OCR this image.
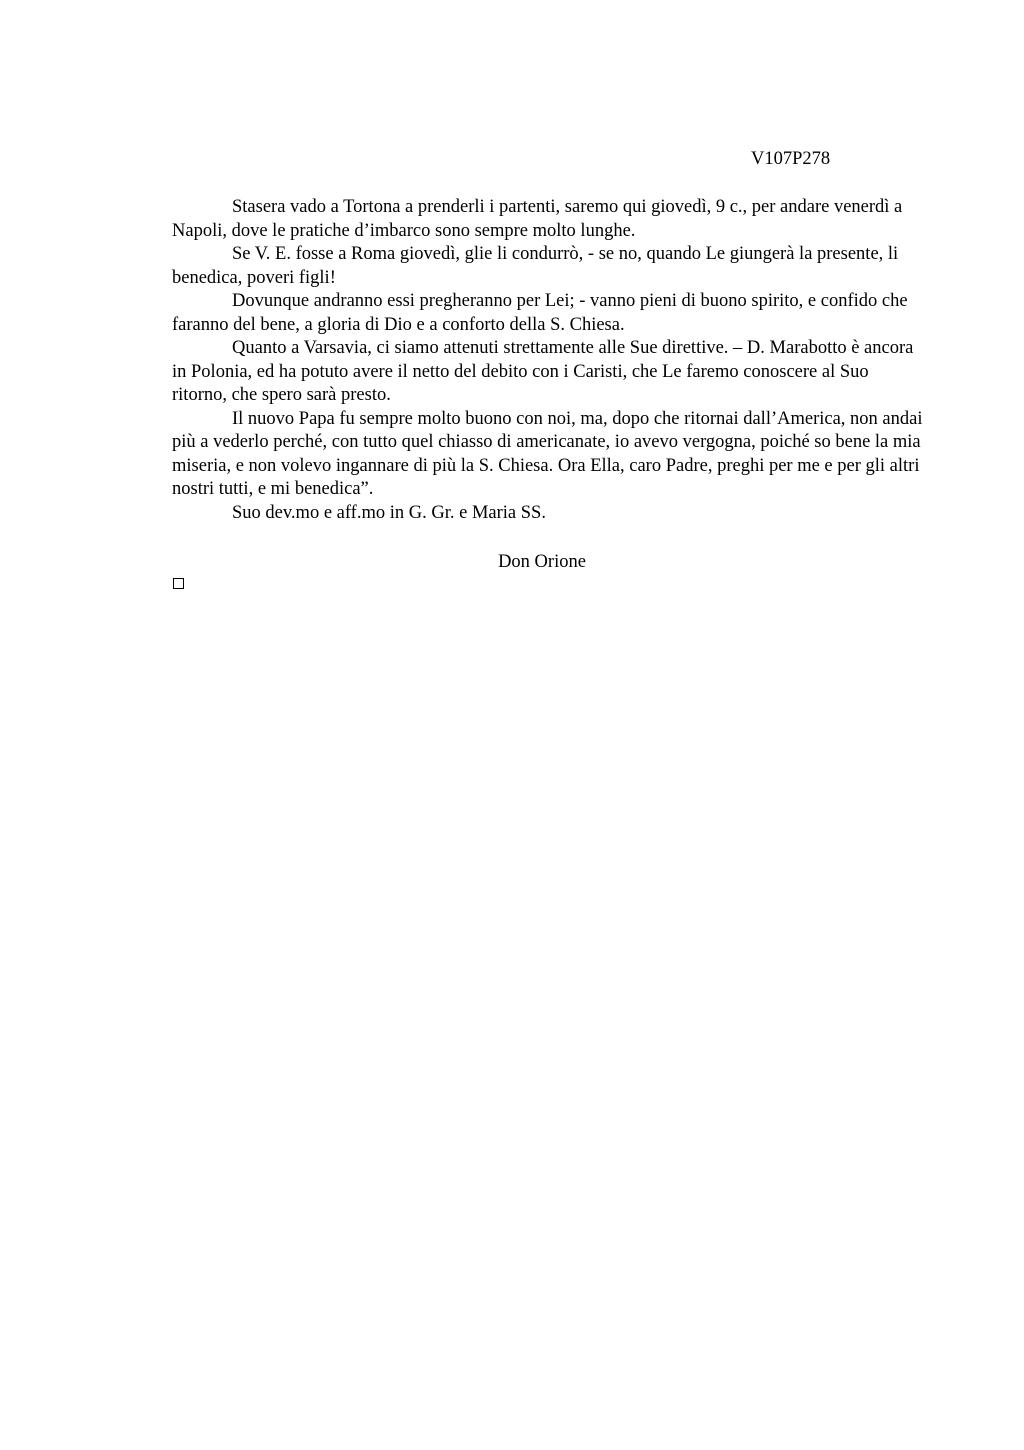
V107P278

Stasera vado a Tortona a prenderli i partenti, saremo qui giovedì, 9 c., per andare venerdì a Napoli, dove le pratiche d’imbarco sono sempre molto lunghe.

Se V. E. fosse a Roma giovedì, glie li condurrò, - se no, quando Le giungerà la presente, li benedica, poveri figli!

Dovunque andranno essi pregheranno per Lei; - vanno pieni di buono spirito, e confido che faranno del bene, a gloria di Dio e a conforto della S. Chiesa.

Quanto a Varsavia, ci siamo attenuti strettamente alle Sue direttive. – D. Marabotto è ancora in Polonia, ed ha potuto avere il netto del debito con i Caristi, che Le faremo conoscere al Suo ritorno, che spero sarà presto.

Il nuovo Papa fu sempre molto buono con noi, ma, dopo che ritornai dall’America, non andai più a vederlo perché, con tutto quel chiasso di americanate, io avevo vergogna, poiché so bene la mia miseria, e non volevo ingannare di più la S. Chiesa. Ora Ella, caro Padre, preghi per me e per gli altri nostri tutti, e mi benedica”.

Suo dev.mo e aff.mo in G. Gr. e Maria SS.

Don Orione
